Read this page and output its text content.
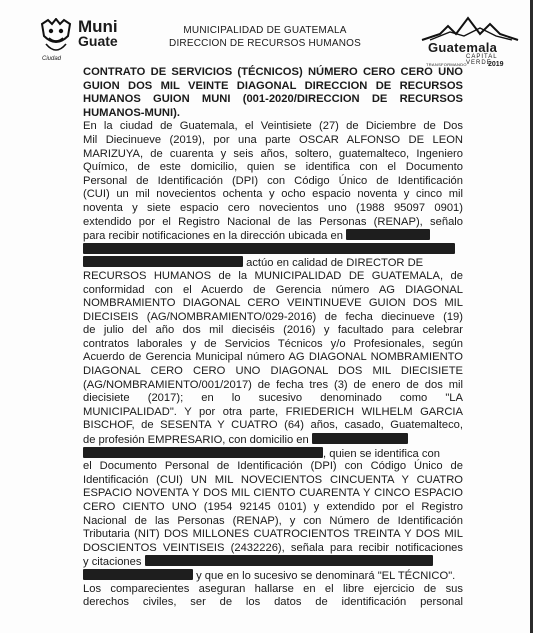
Muni
Guate
Ciudad
MUNICIPALIDAD DE GUATEMALA
DIRECCION DE RECURSOS HUMANOS	Guatemala
CAPITAL VERDE
TRANSFORMANDO	2019
CONTRATO DE SERVICIOS (TÉCNICOS) NÚMERO CERO CERO UNO
GUION DOS MIL VEINTE DIAGONAL DIRECCION DE RECURSOS
HUMANOS GUION MUNI (001-2020/DIRECCION DE RECURSOS
HUMANOS-MUNI).
En la ciudad de Guatemala, el Veintisiete (27) de Diciembre de Dos
Mil Diecinueve (2019), por una parte OSCAR ALFONSO DE LEON
MARIZUYA, de cuarenta y seis años, soltero, guatemalteco, Ingeniero
Químico, de este domicilio, quien se identifica con el Documento
Personal de Identificación (DPI) con Código Único de Identificación
(CUI) un mil novecientos ochenta y ocho espacio noventa y cinco mil
noventa y siete espacio cero novecientos uno (1988 95097 0901)
extendido por el Registro Nacional de las Personas (RENAP), señalo
para recibir notificaciones en la dirección ubicada en
actúo en calidad de DIRECTOR DE
RECURSOS HUMANOS de la MUNICIPALIDAD DE GUATEMALA, de
conformidad con el Acuerdo de Gerencia número AG DIAGONAL
NOMBRAMIENTO DIAGONAL CERO VEINTINUEVE GUION DOS MIL
DIECISEIS (AG/NOMBRAMIENTO/029-2016) de fecha diecinueve (19)
de julio del año dos mil dieciséis (2016) y facultado para celebrar
contratos laborales y de Servicios Técnicos y/o Profesionales, según
Acuerdo de Gerencia Municipal número AG DIAGONAL NOMBRAMIENTO
DIAGONAL CERO CERO UNO DIAGONAL DOS MIL DIECISIETE
(AG/NOMBRAMIENTO/001/2017) de fecha tres (3) de enero de dos mil
diecisiete (2017); en lo sucesivo denominado como "LA
MUNICIPALIDAD". Y por otra parte, FRIEDERICH WILHELM GARCIA
BISCHOF, de SESENTA Y CUATRO (64) años, casado, Guatemalteco,
de profesión EMPRESARIO, con domicilio en
, quien se identifica con
el Documento Personal de Identificación (DPI) con Código Único de
Identificación (CUI) UN MIL NOVECIENTOS CINCUENTA Y CUATRO
ESPACIO NOVENTA Y DOS MIL CIENTO CUARENTA Y CINCO ESPACIO
CERO CIENTO UNO (1954 92145 0101) y extendido por el Registro
Nacional de las Personas (RENAP), y con Número de Identificación
Tributaria (NIT) DOS MILLONES CUATROCIENTOS TREINTA Y DOS MIL
DOSCIENTOS VEINTISEIS (2432226), señala para recibir notificaciones
y citaciones
y que en lo sucesivo se denominará "EL TÉCNICO".
Los comparecientes aseguran hallarse en el libre ejercicio de sus
derechos civiles, ser de los datos de identificación personal
